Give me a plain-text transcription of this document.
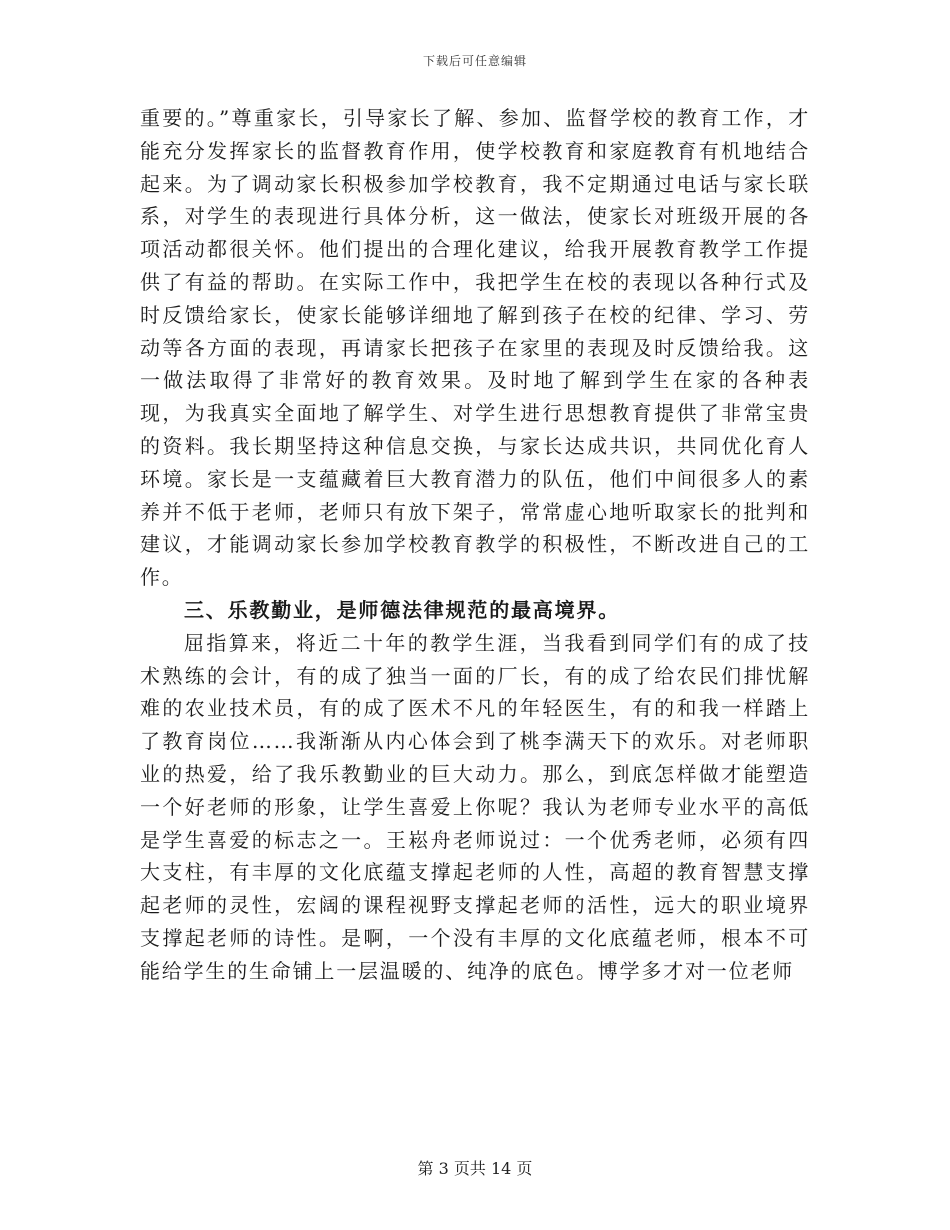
下载后可任意编辑

重要的。”尊重家长，引导家长了解、参加、监督学校的教育工作，才能充分发挥家长的监督教育作用，使学校教育和家庭教育有机地结合起来。为了调动家长积极参加学校教育，我不定期通过电话与家长联系，对学生的表现进行具体分析，这一做法，使家长对班级开展的各项活动都很关怀。他们提出的合理化建议，给我开展教育教学工作提供了有益的帮助。在实际工作中，我把学生在校的表现以各种行式及时反馈给家长，使家长能够详细地了解到孩子在校的纪律、学习、劳动等各方面的表现，再请家长把孩子在家里的表现及时反馈给我。这一做法取得了非常好的教育效果。及时地了解到学生在家的各种表现，为我真实全面地了解学生、对学生进行思想教育提供了非常宝贵的资料。我长期坚持这种信息交换，与家长达成共识，共同优化育人环境。家长是一支蕴藏着巨大教育潜力的队伍，他们中间很多人的素养并不低于老师，老师只有放下架子，常常虚心地听取家长的批判和建议，才能调动家长参加学校教育教学的积极性，不断改进自己的工作。

三、乐教勤业，是师德法律规范的最高境界。

屈指算来，将近二十年的教学生涯，当我看到同学们有的成了技术熟练的会计，有的成了独当一面的厂长，有的成了给农民们排忧解难的农业技术员，有的成了医术不凡的年轻医生，有的和我一样踏上了教育岗位……我渐渐从内心体会到了桃李满天下的欢乐。对老师职业的热爱，给了我乐教勤业的巨大动力。那么，到底怎样做才能塑造一个好老师的形象，让学生喜爱上你呢？我认为老师专业水平的高低是学生喜爱的标志之一。王崧舟老师说过：一个优秀老师，必须有四大支柱，有丰厚的文化底蕴支撑起老师的人性，高超的教育智慧支撑起老师的灵性，宏阔的课程视野支撑起老师的活性，远大的职业境界支撑起老师的诗性。是啊，一个没有丰厚的文化底蕴老师，根本不可能给学生的生命铺上一层温暖的、纯净的底色。博学多才对一位老师

第 3 页共 14 页
